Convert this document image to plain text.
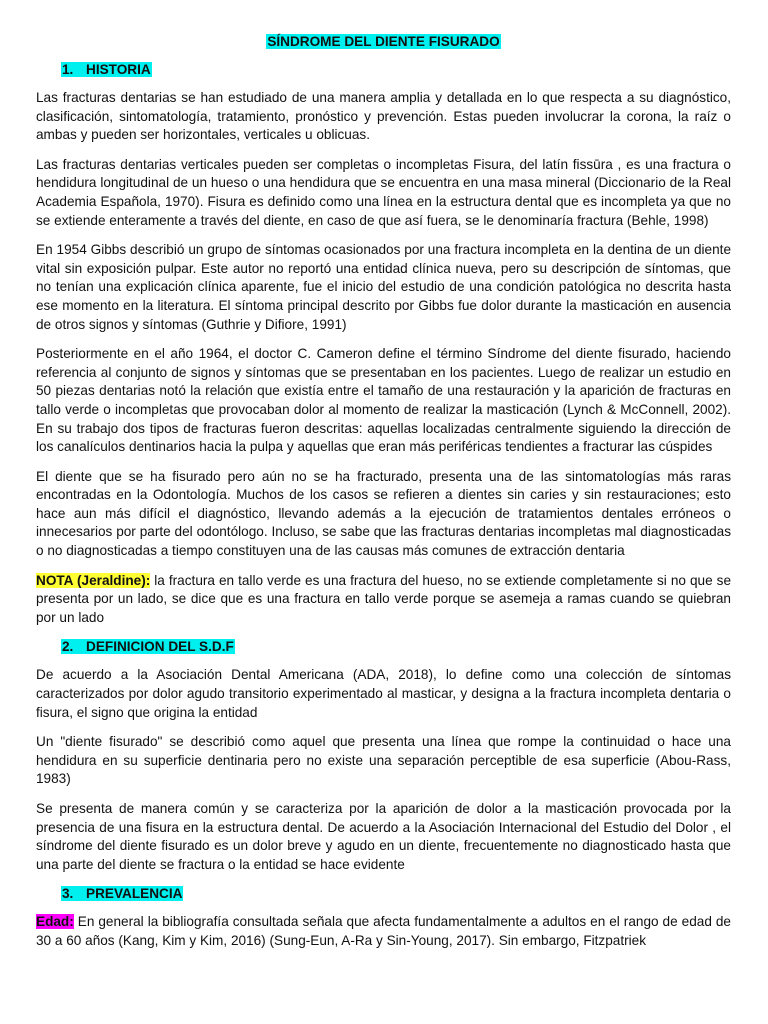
SÍNDROME DEL DIENTE FISURADO
1. HISTORIA

Las fracturas dentarias se han estudiado de una manera amplia y detallada en lo que respecta a su diagnóstico, clasificación, sintomatología, tratamiento, pronóstico y prevención. Estas pueden involucrar la corona, la raíz o ambas y pueden ser horizontales, verticales u oblicuas.

Las fracturas dentarias verticales pueden ser completas o incompletas Fisura, del latín fissūra , es una fractura o hendidura longitudinal de un hueso o una hendidura que se encuentra en una masa mineral (Diccionario de la Real Academia Española, 1970). Fisura es definido como una línea en la estructura dental que es incompleta ya que no se extiende enteramente a través del diente, en caso de que así fuera, se le denominaría fractura (Behle, 1998)

En 1954 Gibbs describió un grupo de síntomas ocasionados por una fractura incompleta en la dentina de un diente vital sin exposición pulpar. Este autor no reportó una entidad clínica nueva, pero su descripción de síntomas, que no tenían una explicación clínica aparente, fue el inicio del estudio de una condición patológica no descrita hasta ese momento en la literatura. El síntoma principal descrito por Gibbs fue dolor durante la masticación en ausencia de otros signos y síntomas (Guthrie y Difiore, 1991)

Posteriormente en el año 1964, el doctor C. Cameron define el término Síndrome del diente fisurado, haciendo referencia al conjunto de signos y síntomas que se presentaban en los pacientes. Luego de realizar un estudio en 50 piezas dentarias notó la relación que existía entre el tamaño de una restauración y la aparición de fracturas en tallo verde o incompletas que provocaban dolor al momento de realizar la masticación (Lynch & McConnell, 2002). En su trabajo dos tipos de fracturas fueron descritas: aquellas localizadas centralmente siguiendo la dirección de los canalículos dentinarios hacia la pulpa y aquellas que eran más periféricas tendientes a fracturar las cúspides

El diente que se ha fisurado pero aún no se ha fracturado, presenta una de las sintomatologías más raras encontradas en la Odontología. Muchos de los casos se refieren a dientes sin caries y sin restauraciones; esto hace aun más difícil el diagnóstico, llevando además a la ejecución de tratamientos dentales erróneos o innecesarios por parte del odontólogo. Incluso, se sabe que las fracturas dentarias incompletas mal diagnosticadas o no diagnosticadas a tiempo constituyen una de las causas más comunes de extracción dentaria

NOTA (Jeraldine): la fractura en tallo verde es una fractura del hueso, no se extiende completamente si no que se presenta por un lado, se dice que es una fractura en tallo verde porque se asemeja a ramas cuando se quiebran por un lado

2. DEFINICION DEL S.D.F

De acuerdo a la Asociación Dental Americana (ADA, 2018), lo define como una colección de síntomas caracterizados por dolor agudo transitorio experimentado al masticar, y designa a la fractura incompleta dentaria o fisura, el signo que origina la entidad

Un "diente fisurado" se describió como aquel que presenta una línea que rompe la continuidad o hace una hendidura en su superficie dentinaria pero no existe una separación perceptible de esa superficie (Abou-Rass, 1983)

Se presenta de manera común y se caracteriza por la aparición de dolor a la masticación provocada por la presencia de una fisura en la estructura dental. De acuerdo a la Asociación Internacional del Estudio del Dolor , el síndrome del diente fisurado es un dolor breve y agudo en un diente, frecuentemente no diagnosticado hasta que una parte del diente se fractura o la entidad se hace evidente

3. PREVALENCIA

Edad: En general la bibliografía consultada señala que afecta fundamentalmente a adultos en el rango de edad de 30 a 60 años (Kang, Kim y Kim, 2016) (Sung-Eun, A-Ra y Sin-Young, 2017). Sin embargo, Fitzpatriek
